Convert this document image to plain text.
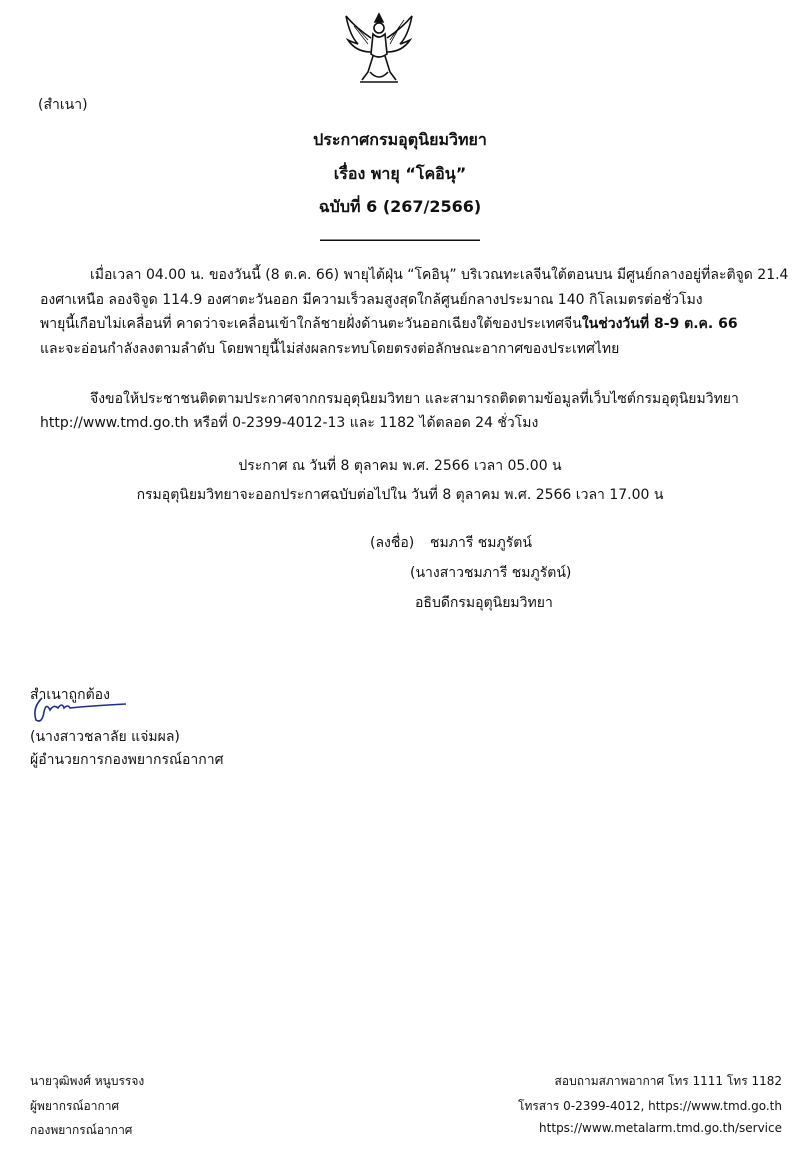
(สำเนา)
ประกาศกรมอุตุนิยมวิทยา
เรื่อง พายุ “โคอินุ”
ฉบับที่ 6 (267/2566)
____________________
เมื่อเวลา 04.00 น. ของวันนี้ (8 ต.ค. 66) พายุไต้ฝุ่น “โคอินุ” บริเวณทะเลจีนใต้ตอนบน มีศูนย์กลางอยู่ที่ละติจูด 21.4
องศาเหนือ ลองจิจูด 114.9 องศาตะวันออก มีความเร็วลมสูงสุดใกล้ศูนย์กลางประมาณ 140 กิโลเมตรต่อชั่วโมง
พายุนี้เกือบไม่เคลื่อนที่ คาดว่าจะเคลื่อนเข้าใกล้ชายฝั่งด้านตะวันออกเฉียงใต้ของประเทศจีนในช่วงวันที่ 8-9 ต.ค. 66
และจะอ่อนกำลังลงตามลำดับ โดยพายุนี้ไม่ส่งผลกระทบโดยตรงต่อลักษณะอากาศของประเทศไทย
จึงขอให้ประชาชนติดตามประกาศจากกรมอุตุนิยมวิทยา และสามารถติดตามข้อมูลที่เว็บไซต์กรมอุตุนิยมวิทยา
http://www.tmd.go.th หรือที่ 0-2399-4012-13 และ 1182 ได้ตลอด 24 ชั่วโมง
ประกาศ ณ วันที่ 8 ตุลาคม พ.ศ. 2566 เวลา 05.00 น
กรมอุตุนิยมวิทยาจะออกประกาศฉบับต่อไปใน วันที่ 8 ตุลาคม พ.ศ. 2566 เวลา 17.00 น
(ลงชื่อ) ชมภารี ชมภูรัตน์
(นางสาวชมภารี ชมภูรัตน์)
อธิบดีกรมอุตุนิยมวิทยา
สำเนาถูกต้อง
(นางสาวชลาลัย แจ่มผล)
ผู้อำนวยการกองพยากรณ์อากาศ
นายวุฒิพงศ์ หนูบรรจง
ผู้พยากรณ์อากาศ
กองพยากรณ์อากาศ
สอบถามสภาพอากาศ โทร 1111 โทร 1182
โทรสาร 0-2399-4012, https://www.tmd.go.th
https://www.metalarm.tmd.go.th/service
